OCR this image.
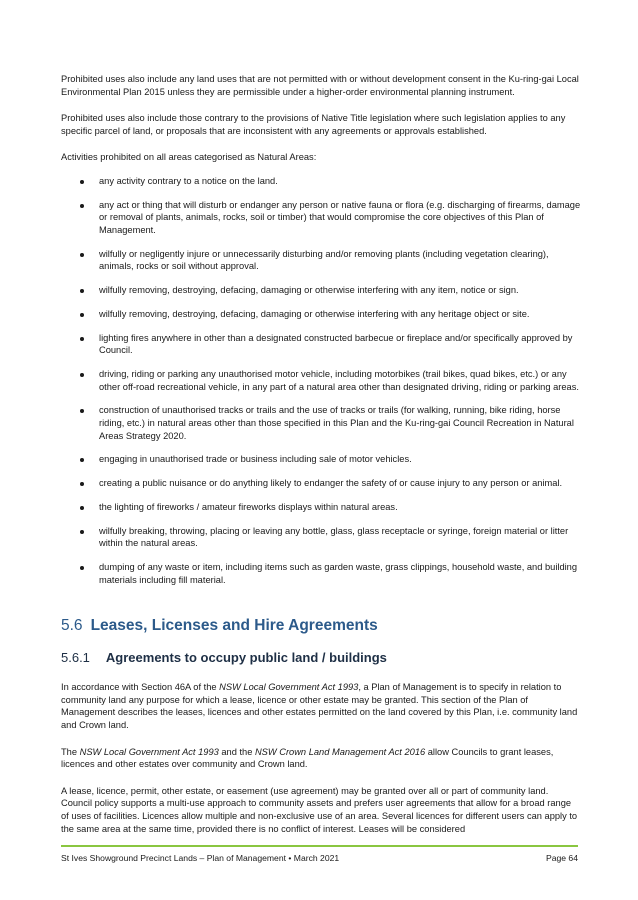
Prohibited uses also include any land uses that are not permitted with or without development consent in the Ku-ring-gai Local Environmental Plan 2015 unless they are permissible under a higher-order environmental planning instrument.

Prohibited uses also include those contrary to the provisions of Native Title legislation where such legislation applies to any specific parcel of land, or proposals that are inconsistent with any agreements or approvals established.

Activities prohibited on all areas categorised as Natural Areas:

any activity contrary to a notice on the land.
any act or thing that will disturb or endanger any person or native fauna or flora (e.g. discharging of firearms, damage or removal of plants, animals, rocks, soil or timber) that would compromise the core objectives of this Plan of Management.
wilfully or negligently injure or unnecessarily disturbing and/or removing plants (including vegetation clearing), animals, rocks or soil without approval.
wilfully removing, destroying, defacing, damaging or otherwise interfering with any item, notice or sign.
wilfully removing, destroying, defacing, damaging or otherwise interfering with any heritage object or site.
lighting fires anywhere in other than a designated constructed barbecue or fireplace and/or specifically approved by Council.
driving, riding or parking any unauthorised motor vehicle, including motorbikes (trail bikes, quad bikes, etc.) or any other off-road recreational vehicle, in any part of a natural area other than designated driving, riding or parking areas.
construction of unauthorised tracks or trails and the use of tracks or trails (for walking, running, bike riding, horse riding, etc.) in natural areas other than those specified in this Plan and the Ku-ring-gai Council Recreation in Natural Areas Strategy 2020.
engaging in unauthorised trade or business including sale of motor vehicles.
creating a public nuisance or do anything likely to endanger the safety of or cause injury to any person or animal.
the lighting of fireworks / amateur fireworks displays within natural areas.
wilfully breaking, throwing, placing or leaving any bottle, glass, glass receptacle or syringe, foreign material or litter within the natural areas.
dumping of any waste or item, including items such as garden waste, grass clippings, household waste, and building materials including fill material.
5.6 Leases, Licenses and Hire Agreements
5.6.1 Agreements to occupy public land / buildings

In accordance with Section 46A of the NSW Local Government Act 1993, a Plan of Management is to specify in relation to community land any purpose for which a lease, licence or other estate may be granted. This section of the Plan of Management describes the leases, licences and other estates permitted on the land covered by this Plan, i.e. community land and Crown land.

The NSW Local Government Act 1993 and the NSW Crown Land Management Act 2016 allow Councils to grant leases, licences and other estates over community and Crown land.

A lease, licence, permit, other estate, or easement (use agreement) may be granted over all or part of community land. Council policy supports a multi-use approach to community assets and prefers user agreements that allow for a broad range of uses of facilities. Licences allow multiple and non-exclusive use of an area. Several licences for different users can apply to the same area at the same time, provided there is no conflict of interest. Leases will be considered

St Ives Showground Precinct Lands – Plan of Management • March 2021	Page 64
